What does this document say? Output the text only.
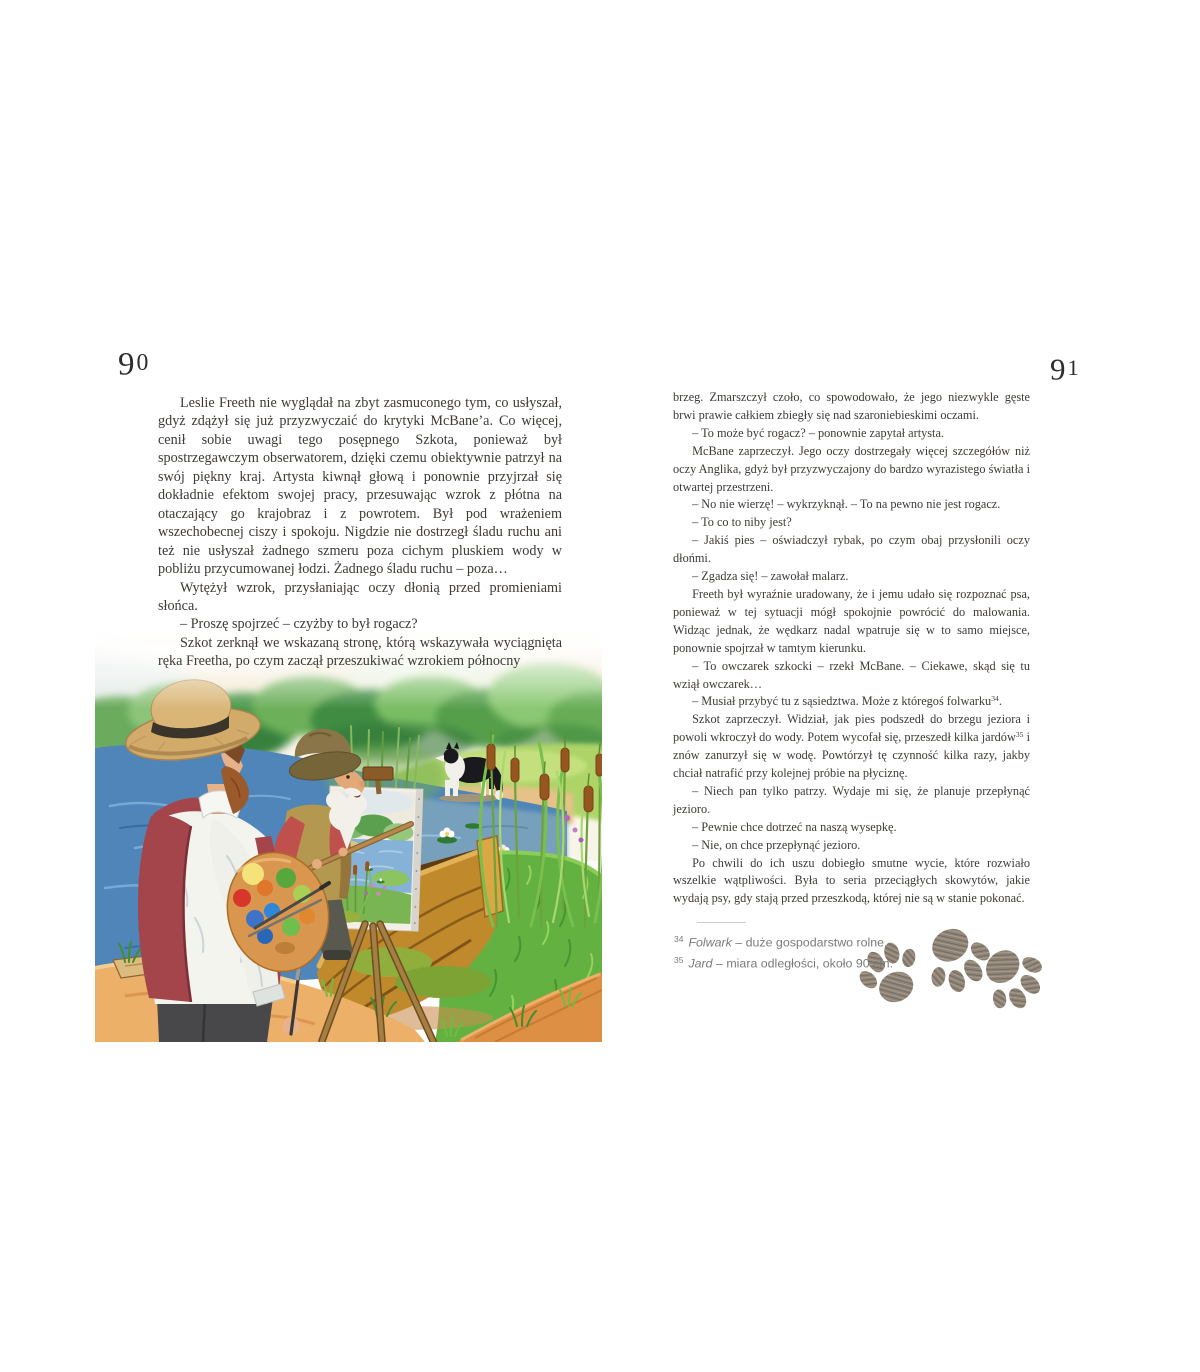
90	91

Leslie Freeth nie wyglądał na zbyt zasmuconego tym, co usłyszał, gdyż zdążył się już przyzwyczaić do krytyki McBane’a. Co więcej, cenił sobie uwagi tego posępnego Szkota, ponieważ był spostrzegawczym obserwatorem, dzięki czemu obiektywnie patrzył na swój piękny kraj. Artysta kiwnął głową i ponownie przyjrzał się dokładnie efektom swojej pracy, przesuwając wzrok z płótna na otaczający go krajobraz i z powrotem. Był pod wrażeniem wszechobecnej ciszy i spokoju. Nigdzie nie dostrzegł śladu ruchu ani też nie usłyszał żadnego szmeru poza cichym pluskiem wody w pobliżu przycumowanej łodzi. Żadnego śladu ruchu – poza…

Wytężył wzrok, przysłaniając oczy dłonią przed promieniami słońca.

– Proszę spojrzeć – czyżby to był rogacz?

Szkot zerknął we wskazaną stronę, którą wskazywała wyciągnięta ręka Freetha, po czym zaczął przeszukiwać wzrokiem północny

brzeg. Zmarszczył czoło, co spowodowało, że jego niezwykle gęste brwi prawie całkiem zbiegły się nad szaroniebieskimi oczami.

– To może być rogacz? – ponownie zapytał artysta.

McBane zaprzeczył. Jego oczy dostrzegały więcej szczegółów niż oczy Anglika, gdyż był przyzwyczajony do bardzo wyrazistego światła i otwartej przestrzeni.

– No nie wierzę! – wykrzyknął. – To na pewno nie jest rogacz.

– To co to niby jest?

– Jakiś pies – oświadczył rybak, po czym obaj przysłonili oczy dłońmi.

– Zgadza się! – zawołał malarz.

Freeth był wyraźnie uradowany, że i jemu udało się rozpoznać psa, ponieważ w tej sytuacji mógł spokojnie powrócić do malowania. Widząc jednak, że wędkarz nadal wpatruje się w to samo miejsce, ponownie spojrzał w tamtym kierunku.

– To owczarek szkocki – rzekł McBane. – Ciekawe, skąd się tu wziął owczarek…

– Musiał przybyć tu z sąsiedztwa. Może z któregoś folwarku$^{34}$.

Szkot zaprzeczył. Widział, jak pies podszedł do brzegu jeziora i powoli wkroczył do wody. Potem wycofał się, przeszedł kilka jardów$^{35}$ i znów zanurzył się w wodę. Powtórzył tę czynność kilka razy, jakby chciał natrafić przy kolejnej próbie na płyciznę.

– Niech pan tylko patrzy. Wydaje mi się, że planuje przepłynąć jezioro.

– Pewnie chce dotrzeć na naszą wysepkę.

– Nie, on chce przepłynąć jezioro.

Po chwili do ich uszu dobiegło smutne wycie, które rozwiało wszelkie wątpliwości. Była to seria przeciągłych skowytów, jakie wydają psy, gdy stają przed przeszkodą, której nie są w stanie pokonać.

$^{34}$ Folwark – duże gospodarstwo rolne.
$^{35}$ Jard – miara odległości, około 90 cm.
